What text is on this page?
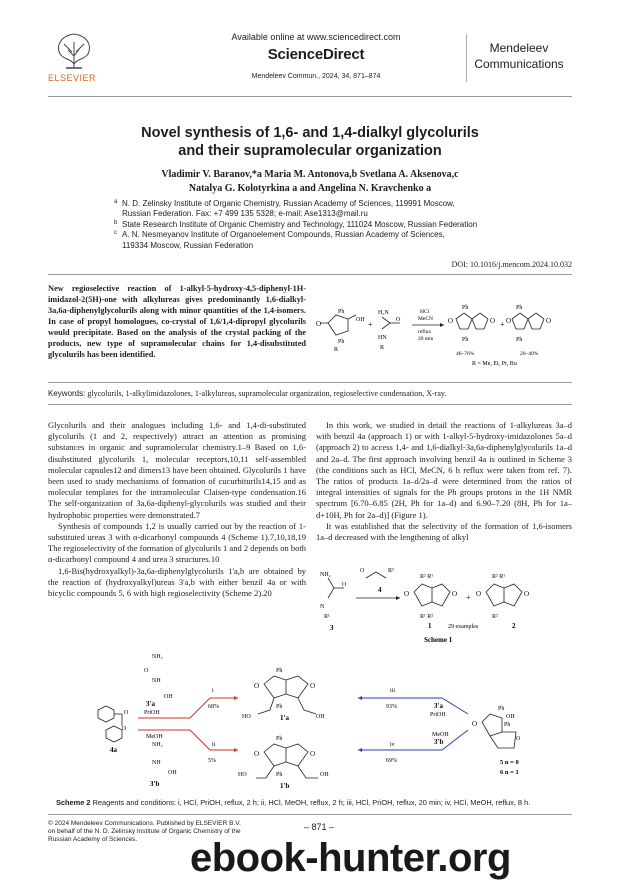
ELSEVIER
Available online at www.sciencedirect.com
ScienceDirect
Mendeleev Commun., 2024, 34, 871–874
Mendeleev
Communications
Novel synthesis of 1,6- and 1,4-dialkyl glycolurils
and their supramolecular organization
Vladimir V. Baranov,*a Maria M. Antonova,b Svetlana A. Aksenova,c
Natalya G. Kolotyrkina a and Angelina N. Kravchenko a
a N. D. Zelinsky Institute of Organic Chemistry, Russian Academy of Sciences, 119991 Moscow,
Russian Federation. Fax: +7 499 135 5328; e-mail: Ase1313@mail.ru
b State Research Institute of Organic Chemistry and Technology, 111024 Moscow, Russian Federation
c A. N. Nesmeyanov Institute of Organoelement Compounds, Russian Academy of Sciences,
119334 Moscow, Russian Federation
DOI: 10.1016/j.mencom.2024.10.032
New regioselective reaction of 1-alkyl-5-hydroxy-4,5-diphenyl-1H-imidazol-2(5H)-one with alkylureas gives predominantly 1,6-dialkyl-3a,6a-diphenylglycolurils along with minor quantities of the 1,4-isomers. In case of propyl homologues, co-crystal of 1,6/1,4-dipropyl glycolurils would precipitate. Based on the analysis of the crystal packing of the products, new type of supramolecular chains for 1,4-disubstituted glycolurils has been identified.
O	OH
Ph
Ph
R
+
H₂N
O
HN
R
HCl
MeCN
reflux
20 min
Ph
Ph
O	O
46–76%
+
Ph
Ph
O	O
20–40%
R = Me, Et, Pr, Bu
Keywords: glycolurils, 1-alkylimidazolones, 1-alkylureas, supramolecular organization, regioselective condensation, X-ray.

Glycolurils and their analogues including 1,6- and 1,4-di-substituted glycolurils (1 and 2, respectively) attract an attention as promising substances in organic and supramolecular chemistry.1–9 Based on 1,6-disubstituted glycolurils 1, molecular receptors,10,11 self-assembled molecular capsules12 and dimers13 have been obtained. Glycolurils 1 have been used to study mechanisms of formation of cucurbiturils14,15 and as molecular templates for the intramolecular Claisen-type condensation.16 The self-organization of 3a,6a-diphenyl-glycolurils was studied and their hydrophobic properties were demonstrated.7

Synthesis of compounds 1,2 is usually carried out by the reaction of 1-substituted ureas 3 with α-dicarbonyl compounds 4 (Scheme 1).7,10,18,19 The regioselectivity of the formation of glycolurils 1 and 2 depends on both α-dicarbonyl compound 4 and urea 3 structures.10

1,6-Bis(hydroxyalkyl)-3a,6a-diphenylglycolurils 1'a,b are obtained by the reaction of (hydroxyalkyl)ureas 3'a,b with either benzil 4a or with bicyclic compounds 5, 6 with high regioselectivity (Scheme 2).20

In this work, we studied in detail the reactions of 1-alkylureas 3a–d with benzil 4a (approach 1) or with 1-alkyl-5-hydroxy-imidazolones 5a–d (approach 2) to access 1,4- and 1,6-dialkyl-3a,6a-diphenylglycolurils 1a–d and 2a–d. The first approach involving benzil 4a is outlined in Scheme 3 (the conditions such as HCl, MeCN, 6 h reflux were taken from ref. 7). The ratios of products 1a–d/2a–d were determined from the ratios of integral intensities of signals for the Ph groups protons in the 1H NMR spectrum [6.70–6.85 (2H, Ph for 1a–d) and 6.90–7.20 (8H, Ph for 1a–d+10H, Ph for 2a–d)] (Figure 1).

It was established that the selectivity of the formation of 1,6-isomers 1a–d decreased with the lengthening of alkyl

NH₂
O
N
R¹
3
O	R²
4	O	O
R² R¹
R¹ R²
1
+ O	O
R² R¹
R²
29 examples	2
Scheme 1
O
O
4a
NH₂
O
NH
OH
3'a
PriOH
MeOH
NH₂
NH
OH
3'b
i
68%
ii
5%
O	O
Ph
Ph
HO	OH
1'a
O	O
Ph
Ph
HO	OH
1'b
iii
93%	3'a
PriOH
iv
69%
MeOH
3'b
O
Ph
OH
Ph
O
5 n = 0
6 n = 1
Scheme 2 Reagents and conditions: i, HCl, PriOH, reflux, 2 h; ii, HCl, MeOH, reflux, 2 h; iii, HCl, PriOH, reflux, 20 min; iv, HCl, MeOH, reflux, 8 h.
© 2024 Mendeleev Communications. Published by ELSEVIER B.V.
on behalf of the N. D. Zelinsky Institute of Organic Chemistry of the
Russian Academy of Sciences.
– 871 –
ebook-hunter.org
